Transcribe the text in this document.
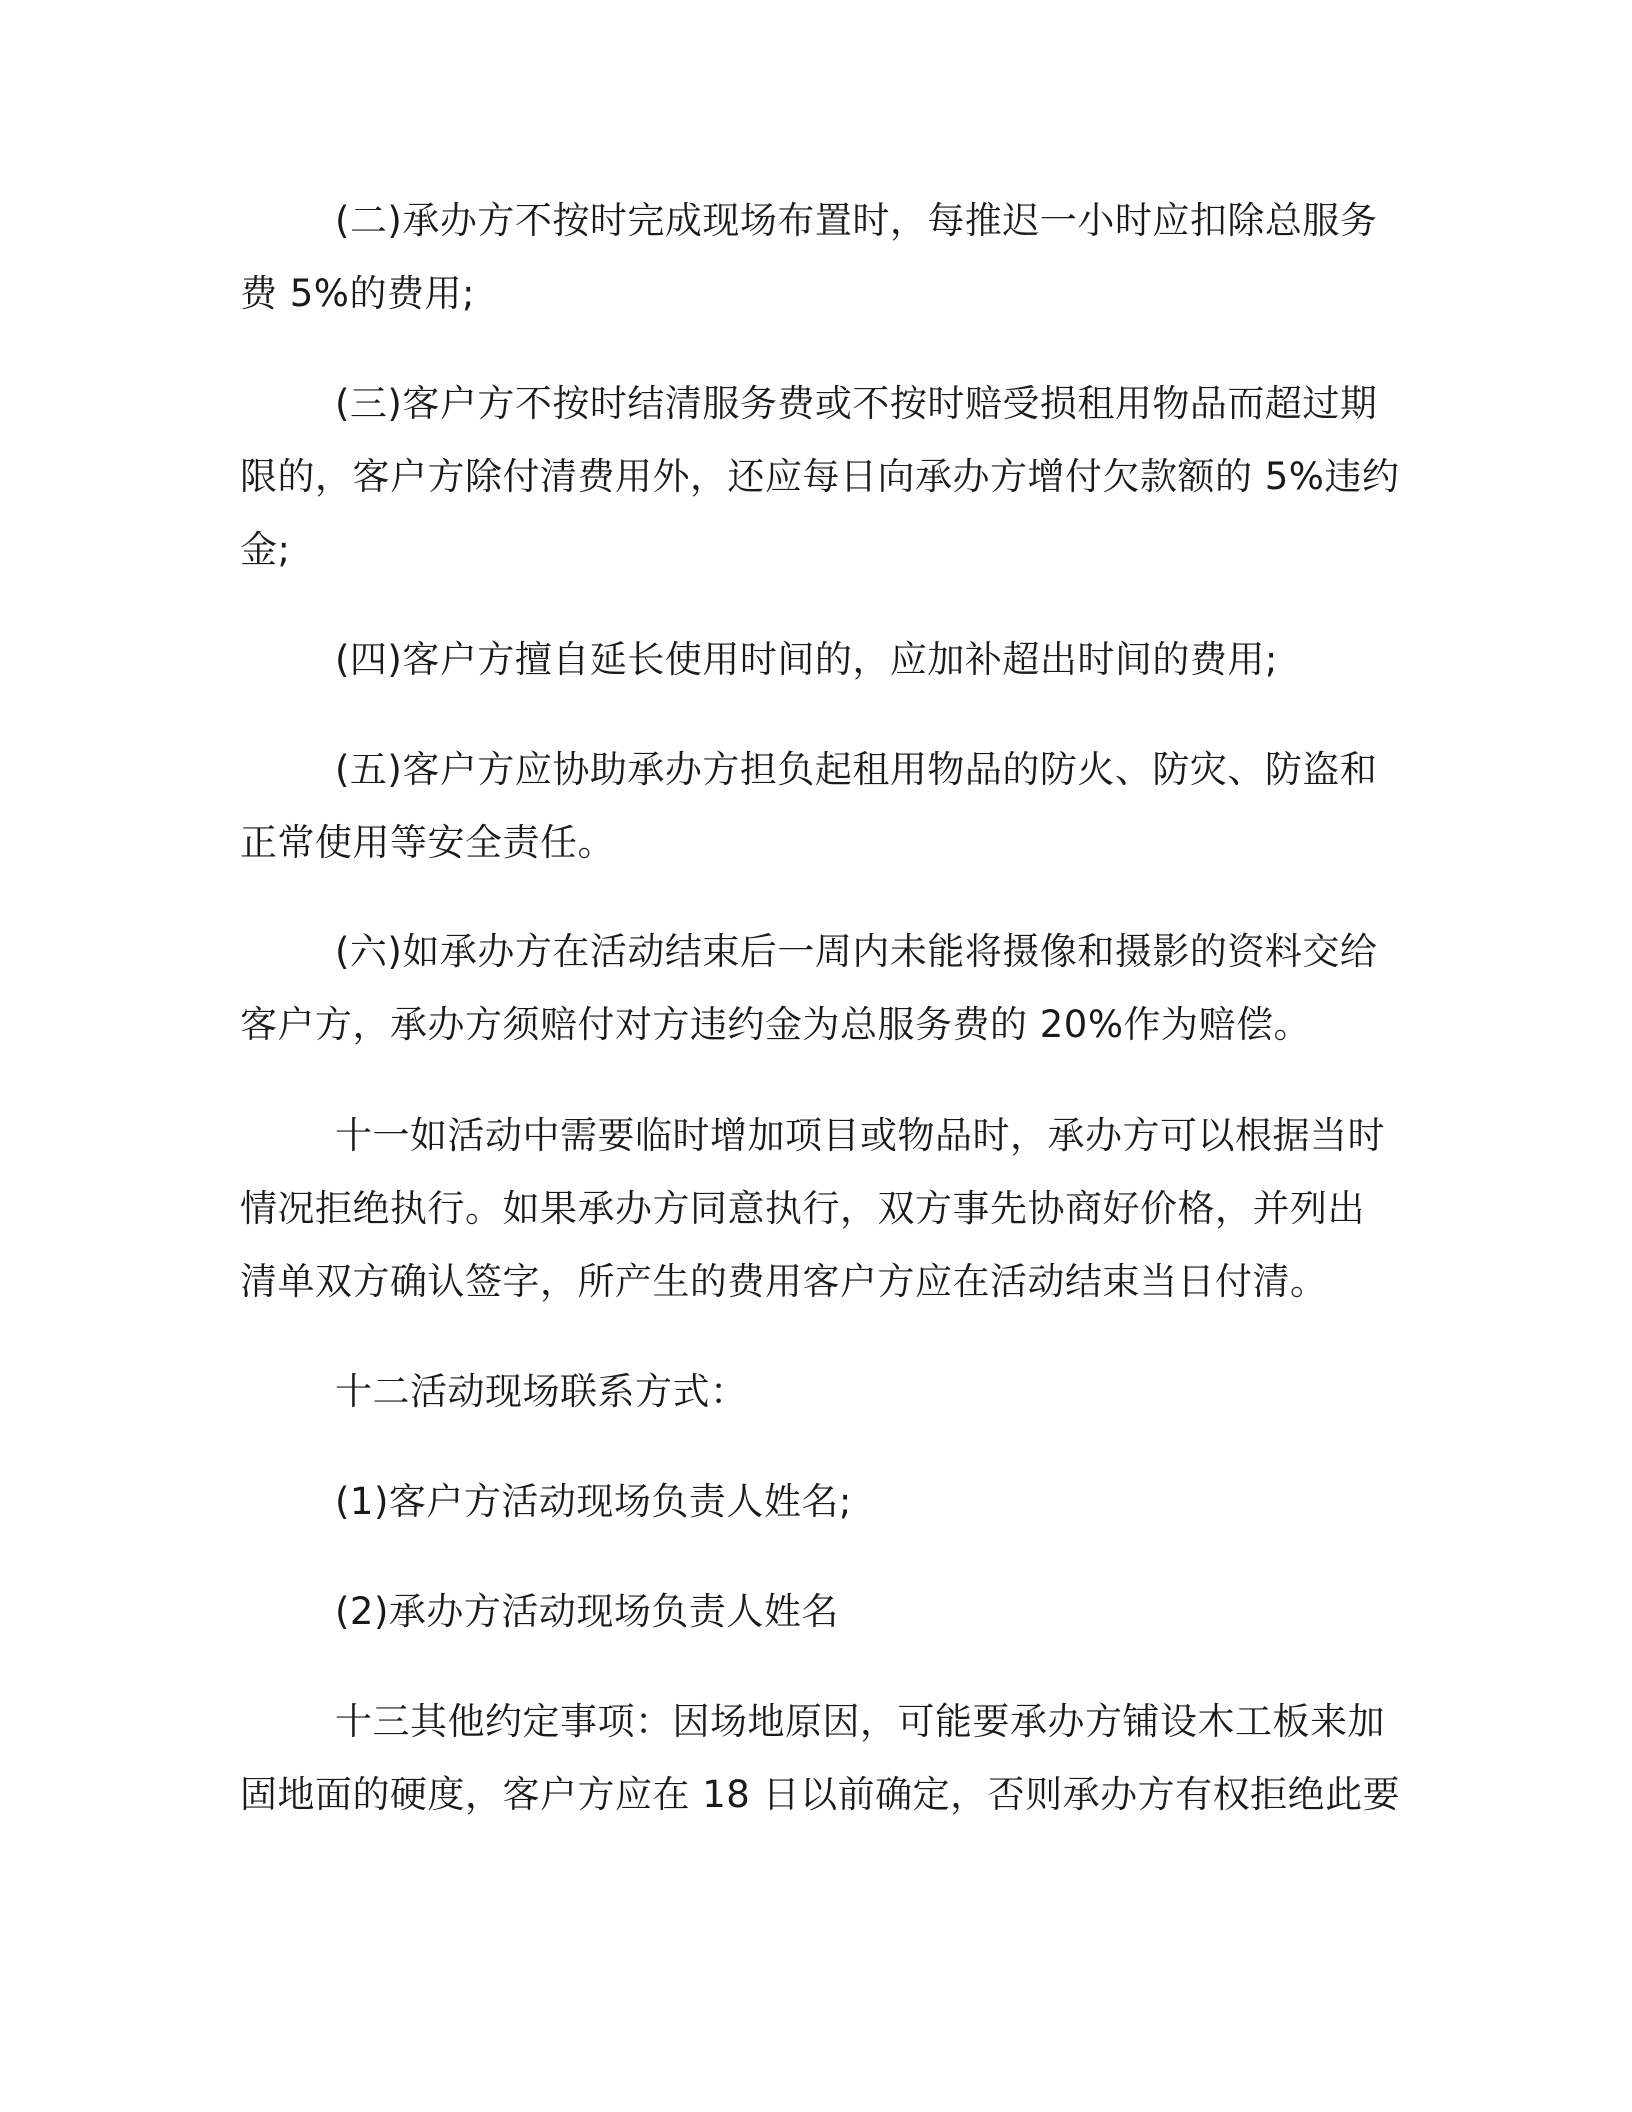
(二)承办方不按时完成现场布置时，每推迟一小时应扣除总服务
费 5%的费用;
(三)客户方不按时结清服务费或不按时赔受损租用物品而超过期
限的，客户方除付清费用外，还应每日向承办方增付欠款额的 5%违约
金;
(四)客户方擅自延长使用时间的，应加补超出时间的费用;
(五)客户方应协助承办方担负起租用物品的防火、防灾、防盗和
正常使用等安全责任。
(六)如承办方在活动结束后一周内未能将摄像和摄影的资料交给
客户方，承办方须赔付对方违约金为总服务费的 20%作为赔偿。
十一如活动中需要临时增加项目或物品时，承办方可以根据当时
情况拒绝执行。如果承办方同意执行，双方事先协商好价格，并列出
清单双方确认签字，所产生的费用客户方应在活动结束当日付清。
十二活动现场联系方式：
(1)客户方活动现场负责人姓名;
(2)承办方活动现场负责人姓名
十三其他约定事项：因场地原因，可能要承办方铺设木工板来加
固地面的硬度，客户方应在 18 日以前确定，否则承办方有权拒绝此要
